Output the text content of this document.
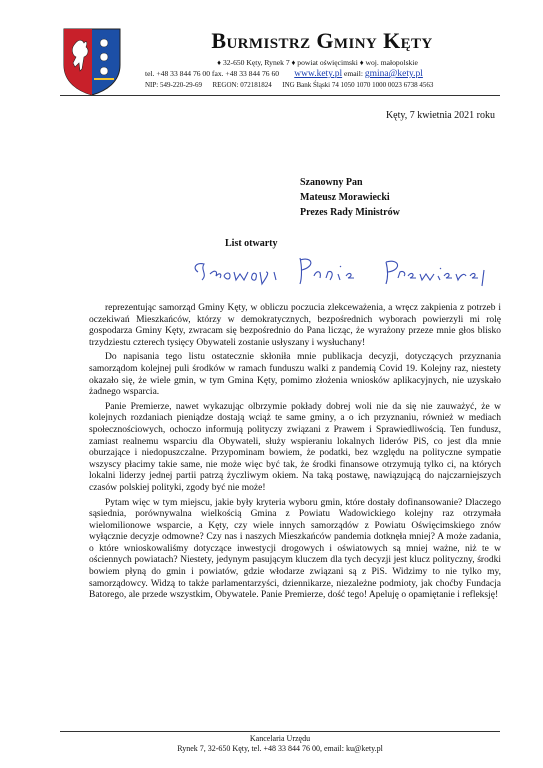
Burmistrz Gminy Kęty
♦ 32-650 Kęty, Rynek 7 ♦ powiat oświęcimski ♦ woj. małopolskie
tel. +48 33 844 76 00 fax. +48 33 844 76 60 www.kety.pl email: gmina@kety.pl
NIP: 549-220-29-69 REGON: 072181824 ING Bank Śląski 74 1050 1070 1000 0023 6738 4563
Kęty, 7 kwietnia 2021 roku
Szanowny Pan
Mateusz Morawiecki
Prezes Rady Ministrów
List otwarty

reprezentując samorząd Gminy Kęty, w obliczu poczucia zlekceważenia, a wręcz zakpienia z potrzeb i oczekiwań Mieszkańców, którzy w demokratycznych, bezpośrednich wyborach powierzyli mi rolę gospodarza Gminy Kęty, zwracam się bezpośrednio do Pana licząc, że wyrażony przeze mnie głos blisko trzydziestu czterech tysięcy Obywateli zostanie usłyszany i wysłuchany!

Do napisania tego listu ostatecznie skłoniła mnie publikacja decyzji, dotyczących przyznania samorządom kolejnej puli środków w ramach funduszu walki z pandemią Covid 19. Kolejny raz, niestety okazało się, że wiele gmin, w tym Gmina Kęty, pomimo złożenia wniosków aplikacyjnych, nie uzyskało żadnego wsparcia.

Panie Premierze, nawet wykazując olbrzymie pokłady dobrej woli nie da się nie zauważyć, że w kolejnych rozdaniach pieniądze dostają wciąż te same gminy, a o ich przyznaniu, również w mediach społecznościowych, ochoczo informują polityczy związani z Prawem i Sprawiedliwością. Ten fundusz, zamiast realnemu wsparciu dla Obywateli, służy wspieraniu lokalnych liderów PiS, co jest dla mnie oburzające i niedopuszczalne. Przypominam bowiem, że podatki, bez względu na polityczne sympatie wszyscy płacimy takie same, nie może więc być tak, że środki finansowe otrzymują tylko ci, na których lokalni liderzy jednej partii patrzą życzliwym okiem. Na taką postawę, nawiązującą do najczarniejszych czasów polskiej polityki, zgody być nie może!

Pytam więc w tym miejscu, jakie były kryteria wyboru gmin, które dostały dofinansowanie? Dlaczego sąsiednia, porównywalna wielkością Gmina z Powiatu Wadowickiego kolejny raz otrzymała wielomilionowe wsparcie, a Kęty, czy wiele innych samorządów z Powiatu Oświęcimskiego znów wyłącznie decyzje odmowne? Czy nas i naszych Mieszkańców pandemia dotknęła mniej? A może zadania, o które wnioskowaliśmy dotyczące inwestycji drogowych i oświatowych są mniej ważne, niż te w ościennych powiatach? Niestety, jedynym pasującym kluczem dla tych decyzji jest klucz polityczny, środki bowiem płyną do gmin i powiatów, gdzie włodarze związani są z PiS. Widzimy to nie tylko my, samorządowcy. Widzą to także parlamentarzyści, dziennikarze, niezależne podmioty, jak choćby Fundacja Batorego, ale przede wszystkim, Obywatele. Panie Premierze, dość tego! Apeluję o opamiętanie i refleksję!

Kancelaria Urzędu
Rynek 7, 32-650 Kęty, tel. +48 33 844 76 00, email: ku@kety.pl
